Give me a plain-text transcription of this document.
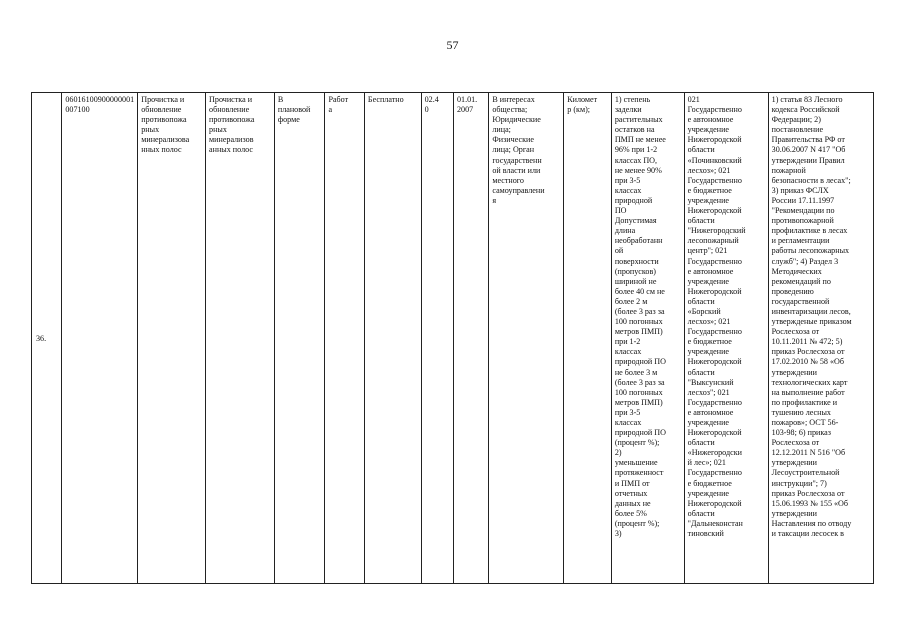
57
36.	06016100900000001007100	Прочистка и
обновление
противопожа
рных
минерализова
нных полос	Прочистка и
обновление
противопожа
рных
минерализов
анных полос	В
плановой
форме	Работ
а	Бесплатно	02.4
0	01.01.
2007	В интересах
общества;
Юридические
лица;
Физические
лица; Орган
государственн
ой власти или
местного
самоуправлени
я	Километ
р (км);	1) степень
заделки
растительных
остатков на
ПМП не менее
96% при 1-2
классах ПО,
не менее 90%
при 3-5
классах
природной
ПО
Допустимая
длина
необработанн
ой
поверхности
(пропусков)
шириной не
более 40 см не
более 2 м
(более 3 раз за
100 погонных
метров ПМП)
при 1-2
классах
природной ПО
не более 3 м
(более 3 раз за
100 погонных
метров ПМП)
при 3-5
классах
природной ПО
(процент %);
2)
уменьшение
протяженност
и ПМП от
отчетных
данных не
более 5%
(процент %);
3)	021
Государственно
е автономное
учреждение
Нижегородской
области
«Починковский
лесхоз»; 021
Государственно
е бюджетное
учреждение
Нижегородской
области
"Нижегородский
лесопожарный
центр"; 021
Государственно
е автономное
учреждение
Нижегородской
области
«Борский
лесхоз»; 021
Государственно
е бюджетное
учреждение
Нижегородской
области
"Выксунский
лесхоз"; 021
Государственно
е автономное
учреждение
Нижегородской
области
«Нижегородски
й лес»; 021
Государственно
е бюджетное
учреждение
Нижегородской
области
"Дальнеконстан
тиновский	1) статья 83 Лесного
кодекса Российской
Федерации; 2)
постановление
Правительства РФ от
30.06.2007 N 417 "Об
утверждении Правил
пожарной
безопасности в лесах";
3) приказ ФСЛХ
России 17.11.1997
"Рекомендации по
противопожарной
профилактике в лесах
и регламентации
работы лесопожарных
служб"; 4) Раздел 3
Методических
рекомендаций по
проведению
государственной
инвентаризации лесов,
утвержденые приказом
Рослесхоза от
10.11.2011 № 472; 5)
приказ Рослесхоза от
17.02.2010 № 58 «Об
утверждении
технологических карт
на выполнение работ
по профилактике и
тушению лесных
пожаров»; ОСТ 56-
103-98; 6) приказ
Рослесхоза от
12.12.2011 N 516 "Об
утверждении
Лесоустроительной
инструкции"; 7)
приказ Рослесхоза от
15.06.1993 № 155 «Об
утверждении
Наставления по отводу
и таксации лесосек в
